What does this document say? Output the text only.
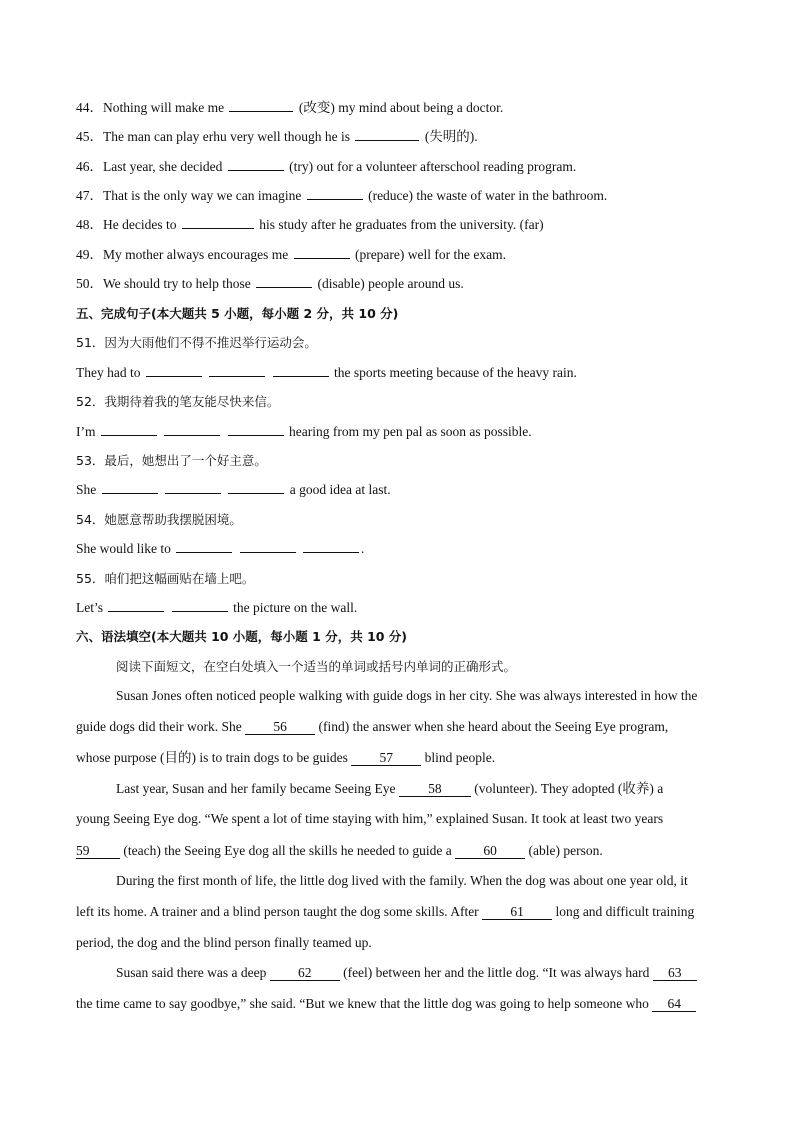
44．Nothing will make me	(改变) my mind about being a doctor.
45．The man can play erhu very well though he is	(失明的).
46．Last year, she decided	(try) out for a volunteer afterschool reading program.
47．That is the only way we can imagine	(reduce) the waste of water in the bathroom.
48．He decides to	his study after he graduates from the university. (far)
49．My mother always encourages me	(prepare) well for the exam.
50．We should try to help those	(disable) people around us.
五、完成句子(本大题共 5 小题，每小题 2 分，共 10 分)
51．因为大雨他们不得不推迟举行运动会。
They had to	the sports meeting because of the heavy rain.
52．我期待着我的笔友能尽快来信。
I’m	hearing from my pen pal as soon as possible.
53．最后，她想出了一个好主意。
She	a good idea at last.
54．她愿意帮助我摆脱困境。
She would like to	.
55．咱们把这幅画贴在墙上吧。
Let’s	the picture on the wall.
六、语法填空(本大题共 10 小题，每小题 1 分，共 10 分)
阅读下面短文，在空白处填入一个适当的单词或括号内单词的正确形式。
Susan Jones often noticed people walking with guide dogs in her city. She was always interested in how the
guide dogs did their work. She 56 (find) the answer when she heard about the Seeing Eye program,
whose purpose (目的) is to train dogs to be guides 57 blind people.
Last year, Susan and her family became Seeing Eye 58 (volunteer). They adopted (收养) a
young Seeing Eye dog. “We spent a lot of time staying with him,” explained Susan. It took at least two years
59	(teach) the Seeing Eye dog all the skills he needed to guide a 60 (able) person.
During the first month of life, the little dog lived with the family. When the dog was about one year old, it
left its home. A trainer and a blind person taught the dog some skills. After 61 long and difficult training
period, the dog and the blind person finally teamed up.
Susan said there was a deep 62 (feel) between her and the little dog. “It was always hard 63
the time came to say goodbye,” she said. “But we knew that the little dog was going to help someone who 64
